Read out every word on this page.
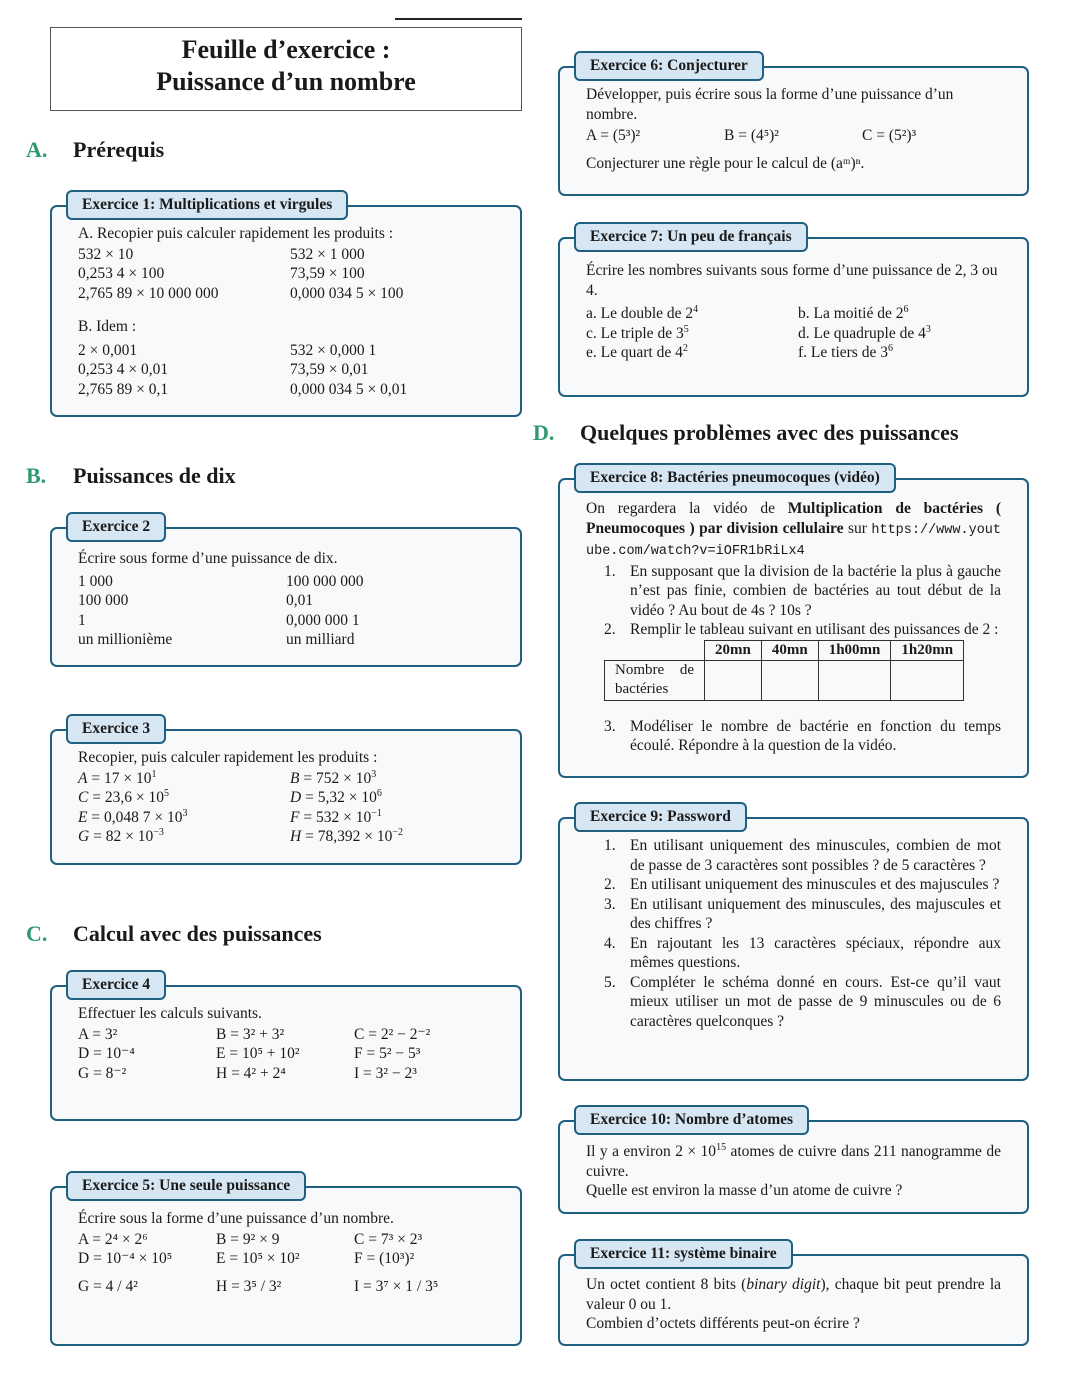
Feuille d’exercice :
Puissance d’un nombre
A. Prérequis
Exercice 1: Multiplications et virgules
A. Recopier puis calculer rapidement les produits :
532 × 10	532 × 1 000
0,253 4 × 100	73,59 × 100
2,765 89 × 10 000 000	0,000 034 5 × 100
B. Idem :
2 × 0,001	532 × 0,000 1
0,253 4 × 0,01	73,59 × 0,01
2,765 89 × 0,1	0,000 034 5 × 0,01
B. Puissances de dix
Exercice 2
Écrire sous forme d’une puissance de dix.
1 000	100 000 000
100 000	0,01
1	0,000 000 1
un millionième	un milliard
Exercice 3
Recopier, puis calculer rapidement les produits :
$A = 17 \times 10^1$	$B = 752 \times 10^3$
$C = 23,6 \times 10^5$	$D = 5,32 \times 10^6$
E = 0,048 $7 \times 10^3$	$F = 532 \times 10^{-1}$
$G = 82 \times 10^{-3}$	$H = 78,392 \times 10^{-2}$
C. Calcul avec des puissances
Exercice 4
Effectuer les calculs suivants.
A = 3²	B = 3² + 3²	C = 2² − 2⁻²
D = 10⁻⁴	E = 10⁵ + 10²	F = 5² − 5³
G = 8⁻²	H = 4² + 2⁴	I = 3² − 2³
Exercice 5: Une seule puissance
Écrire sous la forme d’une puissance d’un nombre.
A = 2⁴ × 2⁶	B = 9² × 9	C = 7³ × 2³
D = 10⁻⁴ × 10⁵	E = 10⁵ × 10²	F = (10³)²
G = 4 / 4²	H = 3⁵ / 3²	I = 3⁷ × 1 / 3⁵
Exercice 6: Conjecturer
Développer, puis écrire sous la forme d’une puissance d’un nombre.
A = (5³)²	B = (4⁵)²	C = (5²)³
Conjecturer une règle pour le calcul de (aᵐ)ⁿ.
Exercice 7: Un peu de français
Écrire les nombres suivants sous forme d’une puissance de 2, 3 ou 4.
a. Le double de $2^4$	b. La moitié de $2^6$
c. Le triple de $3^5$	d. Le quadruple de $4^3$
e. Le quart de $4^2$	f. Le tiers de $3^6$
D. Quelques problèmes avec des puissances
Exercice 8: Bactéries pneumocoques (vidéo)
On regardera la vidéo de Multiplication de bactéries ( Pneumocoques ) par division cellulaire sur https://www.youtube.com/watch?v=iOFR1bRiLx4
1. En supposant que la division de la bactérie la plus à gauche n’est pas finie, combien de bactéries au tout début de la vidéo ? Au bout de 4s ? 10s ?
2. Remplir le tableau suivant en utilisant des puissances de 2 :
	20mn	40mn	1h00mn	1h20mn
Nombre de bactéries				
3. Modéliser le nombre de bactérie en fonction du temps écoulé. Répondre à la question de la vidéo.
Exercice 9: Password
1. En utilisant uniquement des minuscules, combien de mot de passe de 3 caractères sont possibles ? de 5 caractères ?
2. En utilisant uniquement des minuscules et des majuscules ?
3. En utilisant uniquement des minuscules, des majuscules et des chiffres ?
4. En rajoutant les 13 caractères spéciaux, répondre aux mêmes questions.
5. Compléter le schéma donné en cours. Est-ce qu’il vaut mieux utiliser un mot de passe de 9 minuscules ou de 6 caractères quelconques ?
Exercice 10: Nombre d’atomes
Il y a environ $2 \times 10^{15}$ atomes de cuivre dans 211 nanogramme de cuivre.
Quelle est environ la masse d’un atome de cuivre ?
Exercice 11: système binaire
Un octet contient 8 bits (binary digit), chaque bit peut prendre la valeur 0 ou 1.
Combien d’octets différents peut-on écrire ?
